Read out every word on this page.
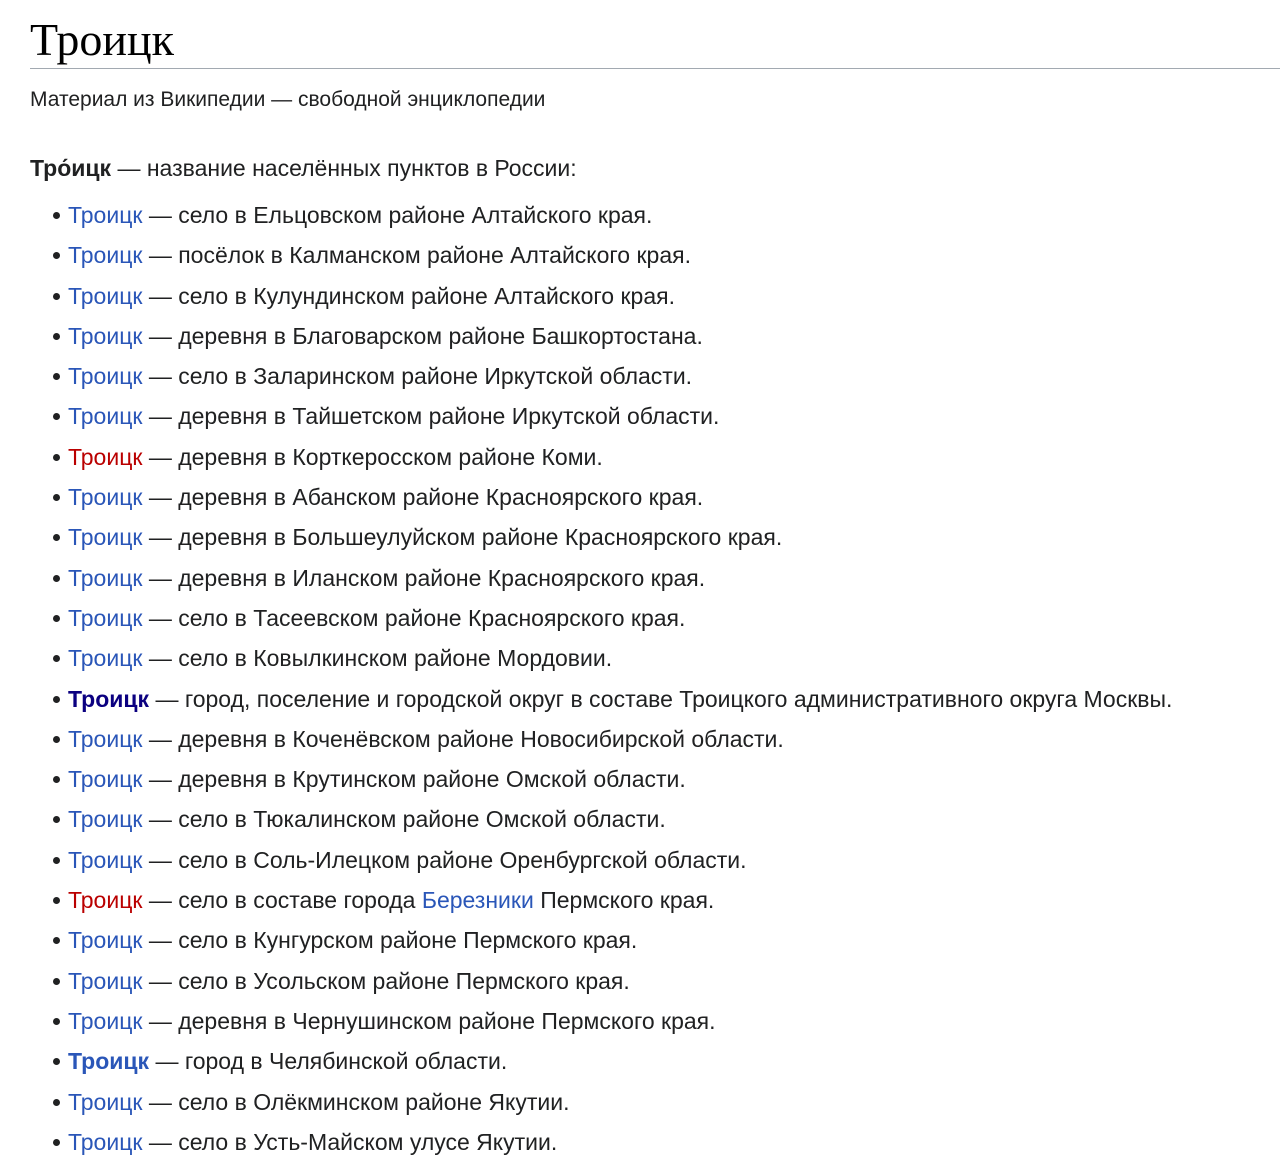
Троицк
Материал из Википедии — свободной энциклопедии
Тро́ицк — название населённых пунктов в России:
Троицк — село в Ельцовском районе Алтайского края.
Троицк — посёлок в Калманском районе Алтайского края.
Троицк — село в Кулундинском районе Алтайского края.
Троицк — деревня в Благоварском районе Башкортостана.
Троицк — село в Заларинском районе Иркутской области.
Троицк — деревня в Тайшетском районе Иркутской области.
Троицк — деревня в Корткеросском районе Коми.
Троицк — деревня в Абанском районе Красноярского края.
Троицк — деревня в Большеулуйском районе Красноярского края.
Троицк — деревня в Иланском районе Красноярского края.
Троицк — село в Тасеевском районе Красноярского края.
Троицк — село в Ковылкинском районе Мордовии.
Троицк — город, поселение и городской округ в составе Троицкого административного округа Москвы.
Троицк — деревня в Коченёвском районе Новосибирской области.
Троицк — деревня в Крутинском районе Омской области.
Троицк — село в Тюкалинском районе Омской области.
Троицк — село в Соль-Илецком районе Оренбургской области.
Троицк — село в составе города Березники Пермского края.
Троицк — село в Кунгурском районе Пермского края.
Троицк — село в Усольском районе Пермского края.
Троицк — деревня в Чернушинском районе Пермского края.
Троицк — город в Челябинской области.
Троицк — село в Олёкминском районе Якутии.
Троицк — село в Усть-Майском улусе Якутии.
